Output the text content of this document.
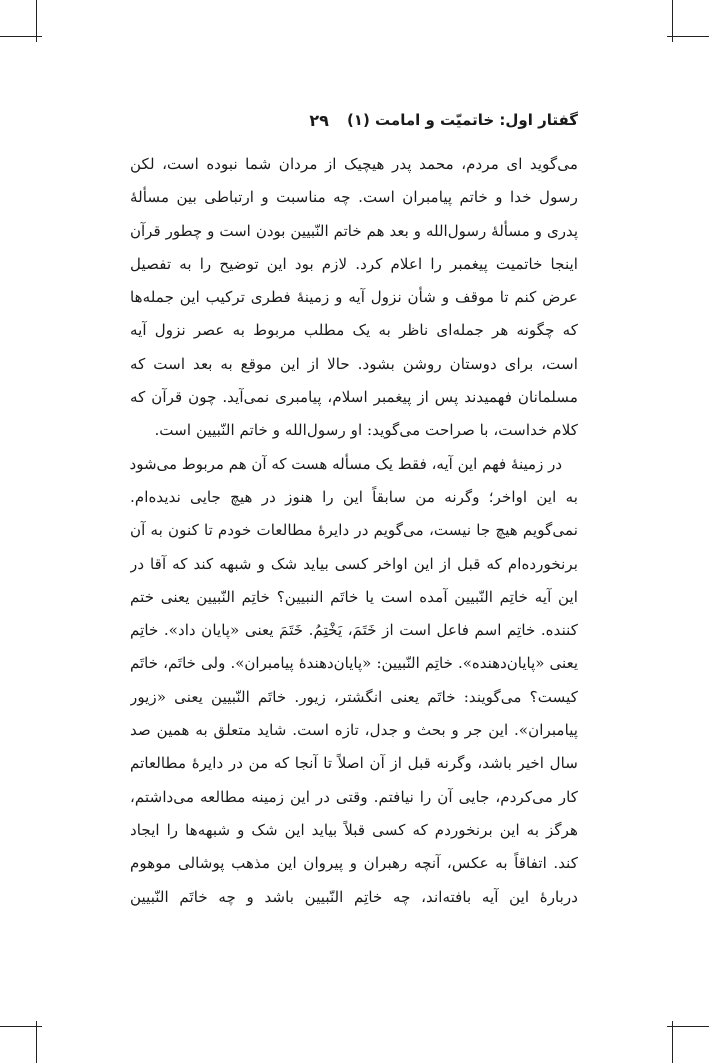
گفتار اول: خاتمیّت و امامت (۱)
۲۹
می‌گوید ای مردم، محمد پدر هیچیک از مردان شما نبوده است، لکن
رسول خدا و خاتم پیامبران است. چه مناسبت و ارتباطی بین مسألهٔ
پدری و مسألهٔ رسول‌الله و بعد هم خاتم النّبیین بودن است و چطور قرآن
اینجا خاتمیت پیغمبر را اعلام کرد. لازم بود این توضیح را به تفصیل
عرض کنم تا موقف و شأن نزول آیه و زمینهٔ فطری ترکیب این جمله‌ها
که چگونه هر جمله‌ای ناظر به یک مطلب مربوط به عصر نزول آیه
است، برای دوستان روشن بشود. حالا از این موقع به بعد است که
مسلمانان فهمیدند پس از پیغمبر اسلام، پیامبری نمی‌آید. چون قرآن که
کلام خداست، با صراحت می‌گوید: او رسول‌الله و خاتم النّبیین است.
در زمینهٔ فهم این آیه، فقط یک مسأله هست که آن هم مربوط می‌شود
به این اواخر؛ وگرنه من سابقاً این را هنوز در هیچ جایی ندیده‌ام.
نمی‌گویم هیچ جا نیست، می‌گویم در دایرهٔ مطالعات خودم تا کنون به آن
برنخورده‌ام که قبل از این اواخر کسی بیاید شک و شبهه کند که آقا در
این آیه خاتِم النّبیین آمده است یا خاتَم النبیین؟ خاتِم النّبیین یعنی ختم
کننده. خاتِم اسم فاعل است از خَتَمَ، یَخْتِمُ. خَتَمَ یعنی «پایان داد». خاتِم
یعنی «پایان‌دهنده». خاتِم النّبیین: «پایان‌دهندهٔ پیامبران». ولی خاتَم، خاتَم
کیست؟ می‌گویند: خاتَم یعنی انگشتر، زیور. خاتَم النّبیین یعنی «زیور
پیامبران». این جر و بحث و جدل، تازه است. شاید متعلق به همین صد
سال اخیر باشد، وگرنه قبل از آن اصلاً تا آنجا که من در دایرهٔ مطالعاتم
کار می‌کردم، جایی آن را نیافتم. وقتی در این زمینه مطالعه می‌داشتم،
هرگز به این برنخوردم که کسی قبلاً بیاید این شک و شبهه‌ها را ایجاد
کند. اتفاقاً به عکس، آنچه رهبران و پیروان این مذهب پوشالی موهوم
دربارهٔ این آیه بافته‌اند، چه خاتِم النّبیین باشد و چه خاتَم النّبیین
